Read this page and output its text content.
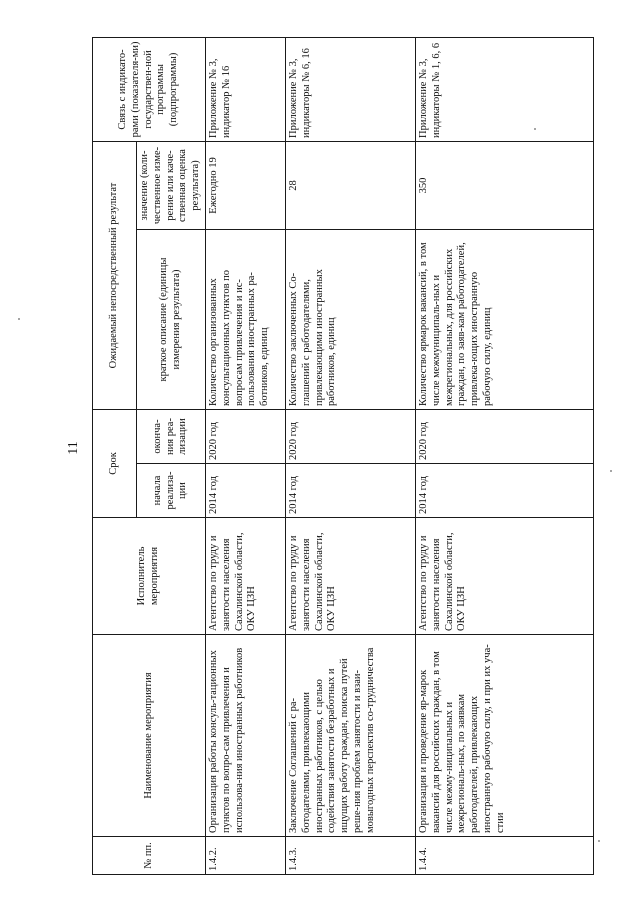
11
№ пп.	Наименование мероприятия	Исполнитель мероприятия	Срок		Ожидаемый непосредственный результат		Связь с индикато-рами (показателя-ми) государствен-ной программы (подпрограммы)
			начала реализа-ции	оконча-ния реа-лизации	краткое описание (единицы измерения результата)	значение (коли-чественное изме-рение или каче-ственная оценка результата)	
1.4.2.	Организация работы консуль-тационных пунктов по вопро-сам привлечения и использова-ния иностранных работников	Агентство по труду и занятости населения Сахалинской области, ОКУ ЦЗН	2014 год	2020 год	Количество организованных консультационных пунктов по вопросам привлечения и ис-пользования иностранных ра-ботников, единиц	Ежегодно 19	Приложение № 3, индикатор № 16
1.4.3.	Заключение Соглашений с ра-ботодателями, привлекающими иностранных работников, с целью содействия занятости безработных и ищущих работу граждан, поиска путей реше-ния проблем занятости и взаи-мовыгодных перспектив со-трудничества	Агентство по труду и занятости населения Сахалинской области, ОКУ ЦЗН	2014 год	2020 год	Количество заключенных Со-глашений с работодателями, привлекающими иностранных работников, единиц	28	Приложение № 3, индикаторы № 6, 16
1.4.4.	Организация и проведение яр-марок вакансий для российских граждан, в том числе межму-ниципальных и межрегиональ-ных, по заявкам работодателей, привлекающих иностранную рабочую силу, и при их уча-стии	Агентство по труду и занятости населения Сахалинской области, ОКУ ЦЗН	2014 год	2020 год	Количество ярмарок вакансий, в том числе межмуниципаль-ных и межрегиональных, для российских граждан, по заяв-кам работодателей, привлека-ющих иностранную рабочую силу, единиц	350	Приложение № 3, индикаторы № 1, 6, 6
